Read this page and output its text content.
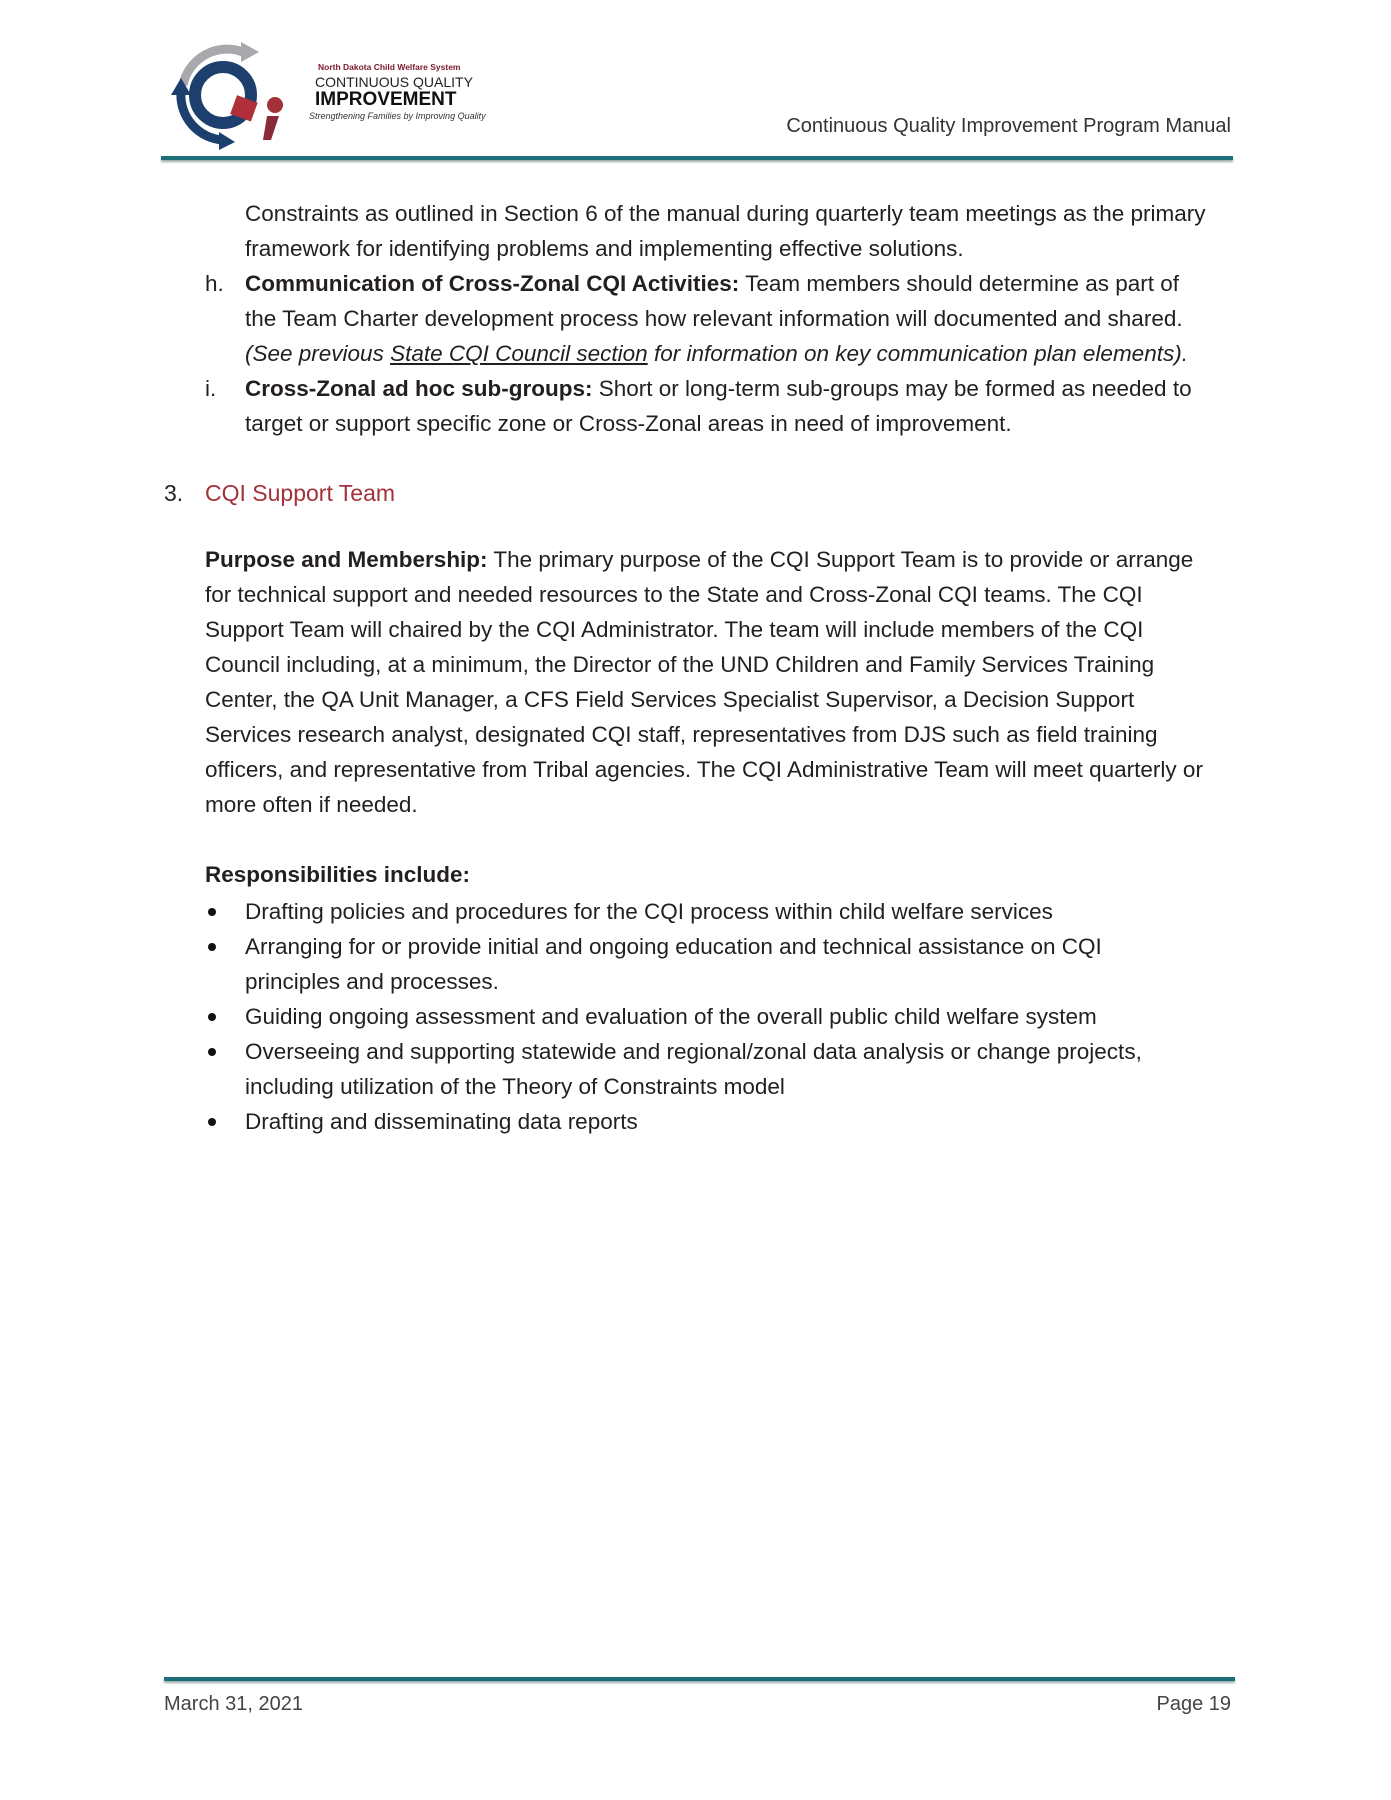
North Dakota Child Welfare System
CONTINUOUS QUALITY
IMPROVEMENT
Strengthening Families by Improving Quality	Continuous Quality Improvement Program Manual
Constraints as outlined in Section 6 of the manual during quarterly team meetings as the primary
framework for identifying problems and implementing effective solutions.
h. Communication of Cross-Zonal CQI Activities: Team members should determine as part of
the Team Charter development process how relevant information will documented and shared.
(See previous State CQI Council section for information on key communication plan elements).
i. Cross-Zonal ad hoc sub-groups: Short or long-term sub-groups may be formed as needed to
target or support specific zone or Cross-Zonal areas in need of improvement.
3. CQI Support Team
Purpose and Membership: The primary purpose of the CQI Support Team is to provide or arrange
for technical support and needed resources to the State and Cross-Zonal CQI teams. The CQI
Support Team will chaired by the CQI Administrator. The team will include members of the CQI
Council including, at a minimum, the Director of the UND Children and Family Services Training
Center, the QA Unit Manager, a CFS Field Services Specialist Supervisor, a Decision Support
Services research analyst, designated CQI staff, representatives from DJS such as field training
officers, and representative from Tribal agencies. The CQI Administrative Team will meet quarterly or
more often if needed.
Responsibilities include:
Drafting policies and procedures for the CQI process within child welfare services
Arranging for or provide initial and ongoing education and technical assistance on CQI
principles and processes.
Guiding ongoing assessment and evaluation of the overall public child welfare system
Overseeing and supporting statewide and regional/zonal data analysis or change projects,
including utilization of the Theory of Constraints model
Drafting and disseminating data reports
March 31, 2021	Page 19
